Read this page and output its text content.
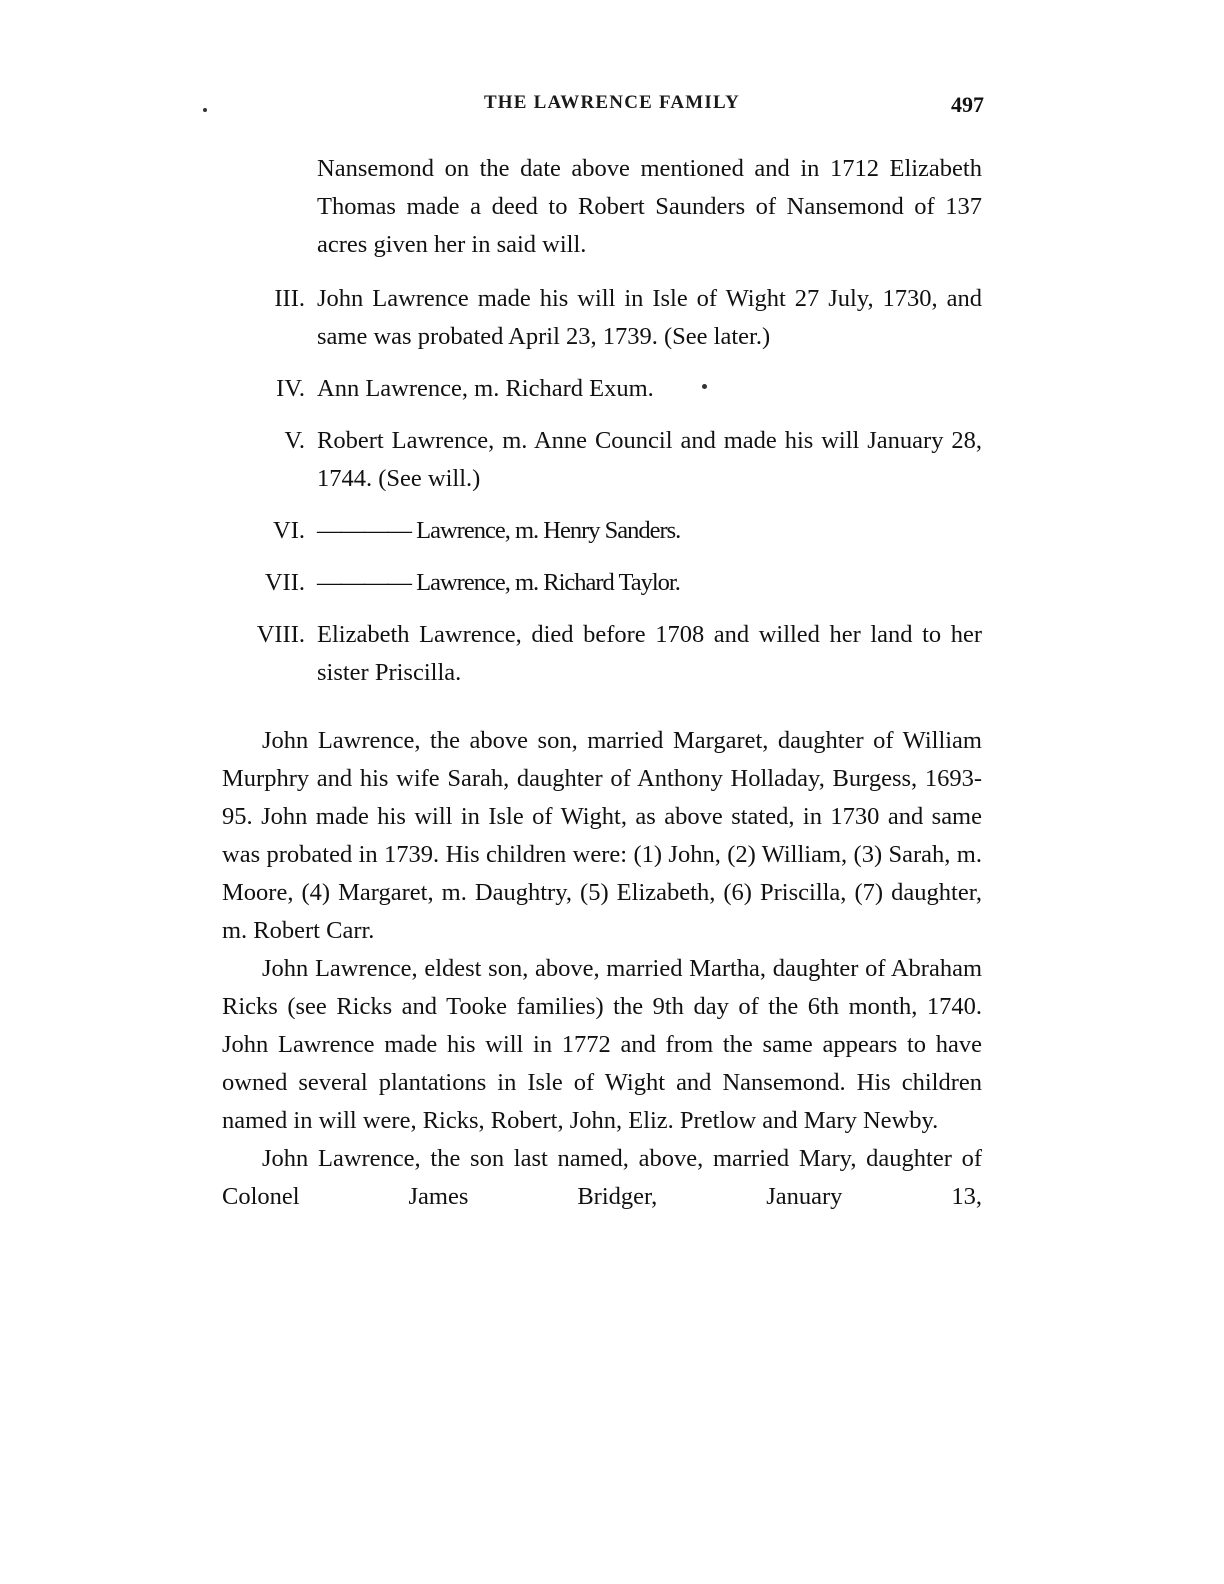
THE LAWRENCE FAMILY	497
Nansemond on the date above mentioned and in 1712 Elizabeth Thomas made a deed to Robert Saunders of Nansemond of 137 acres given her in said will.
III. John Lawrence made his will in Isle of Wight 27 July, 1730, and same was probated April 23, 1739. (See later.)
IV. Ann Lawrence, m. Richard Exum.
V. Robert Lawrence, m. Anne Council and made his will January 28, 1744. (See will.)
VI. ———— Lawrence, m. Henry Sanders.
VII. ———— Lawrence, m. Richard Taylor.
VIII. Elizabeth Lawrence, died before 1708 and willed her land to her sister Priscilla.

John Lawrence, the above son, married Margaret, daughter of William Murphry and his wife Sarah, daughter of Anthony Holladay, Burgess, 1693-95. John made his will in Isle of Wight, as above stated, in 1730 and same was probated in 1739. His children were: (1) John, (2) William, (3) Sarah, m. Moore, (4) Margaret, m. Daughtry, (5) Elizabeth, (6) Priscilla, (7) daughter, m. Robert Carr.

John Lawrence, eldest son, above, married Martha, daughter of Abraham Ricks (see Ricks and Tooke families) the 9th day of the 6th month, 1740. John Lawrence made his will in 1772 and from the same appears to have owned several plantations in Isle of Wight and Nansemond. His children named in will were, Ricks, Robert, John, Eliz. Pretlow and Mary Newby.

John Lawrence, the son last named, above, married Mary, daughter of Colonel James Bridger, January 13,
